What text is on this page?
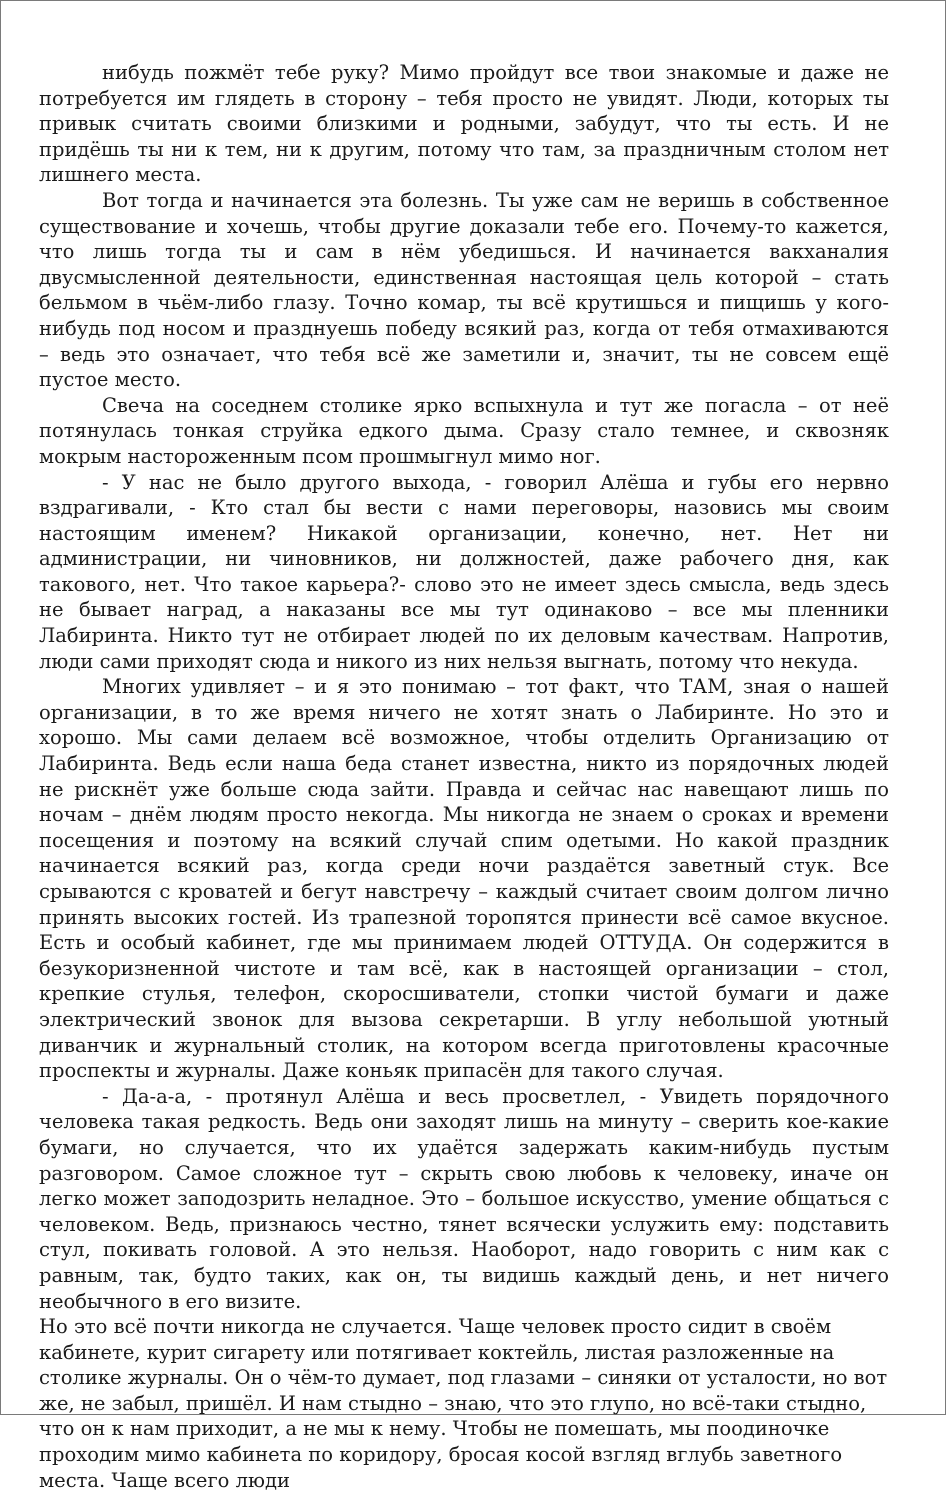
нибудь пожмёт тебе руку? Мимо пройдут все твои знакомые и даже не потребуется им глядеть в сторону – тебя просто не увидят. Люди, которых ты привык считать своими близкими и родными, забудут, что ты есть. И не придёшь ты ни к тем, ни к другим, потому что там, за праздничным столом нет лишнего места.

Вот тогда и начинается эта болезнь. Ты уже сам не веришь в собственное существование и хочешь, чтобы другие доказали тебе его. Почему-то кажется, что лишь тогда ты и сам в нём убедишься. И начинается вакханалия двусмысленной деятельности, единственная настоящая цель которой – стать бельмом в чьём-либо глазу. Точно комар, ты всё крутишься и пищишь у кого-нибудь под носом и празднуешь победу всякий раз, когда от тебя отмахиваются – ведь это означает, что тебя всё же заметили и, значит, ты не совсем ещё пустое место.

Свеча на соседнем столике ярко вспыхнула и тут же погасла – от неё потянулась тонкая струйка едкого дыма. Сразу стало темнее, и сквозняк мокрым настороженным псом прошмыгнул мимо ног.

- У нас не было другого выхода, - говорил Алёша и губы его нервно вздрагивали, - Кто стал бы вести с нами переговоры, назовись мы своим настоящим именем? Никакой организации, конечно, нет. Нет ни администрации, ни чиновников, ни должностей, даже рабочего дня, как такового, нет. Что такое карьера?- слово это не имеет здесь смысла, ведь здесь не бывает наград, а наказаны все мы тут одинаково – все мы пленники Лабиринта. Никто тут не отбирает людей по их деловым качествам. Напротив, люди сами приходят сюда и никого из них нельзя выгнать, потому что некуда.

Многих удивляет – и я это понимаю – тот факт, что ТАМ, зная о нашей организации, в то же время ничего не хотят знать о Лабиринте. Но это и хорошо. Мы сами делаем всё возможное, чтобы отделить Организацию от Лабиринта. Ведь если наша беда станет известна, никто из порядочных людей не рискнёт уже больше сюда зайти. Правда и сейчас нас навещают лишь по ночам – днём людям просто некогда. Мы никогда не знаем о сроках и времени посещения и поэтому на всякий случай спим одетыми. Но какой праздник начинается всякий раз, когда среди ночи раздаётся заветный стук. Все срываются с кроватей и бегут навстречу – каждый считает своим долгом лично принять высоких гостей. Из трапезной торопятся принести всё самое вкусное. Есть и особый кабинет, где мы принимаем людей ОТТУДА. Он содержится в безукоризненной чистоте и там всё, как в настоящей организации – стол, крепкие стулья, телефон, скоросшиватели, стопки чистой бумаги и даже электрический звонок для вызова секретарши. В углу небольшой уютный диванчик и журнальный столик, на котором всегда приготовлены красочные проспекты и журналы. Даже коньяк припасён для такого случая.

- Да-а-а, - протянул Алёша и весь просветлел, - Увидеть порядочного человека такая редкость. Ведь они заходят лишь на минуту – сверить кое-какие бумаги, но случается, что их удаётся задержать каким-нибудь пустым разговором. Самое сложное тут – скрыть свою любовь к человеку, иначе он легко может заподозрить неладное. Это – большое искусство, умение общаться с человеком. Ведь, признаюсь честно, тянет всячески услужить ему: подставить стул, покивать головой. А это нельзя. Наоборот, надо говорить с ним как с равным, так, будто таких, как он, ты видишь каждый день, и нет ничего необычного в его визите.

Но это всё почти никогда не случается. Чаще человек просто сидит в своём кабинете, курит сигарету или потягивает коктейль, листая разложенные на столике журналы. Он о чём-то думает, под глазами – синяки от усталости, но вот же, не забыл, пришёл. И нам стыдно – знаю, что это глупо, но всё-таки стыдно, что он к нам приходит, а не мы к нему. Чтобы не помешать, мы поодиночке проходим мимо кабинета по коридору, бросая косой взгляд вглубь заветного места. Чаще всего люди
